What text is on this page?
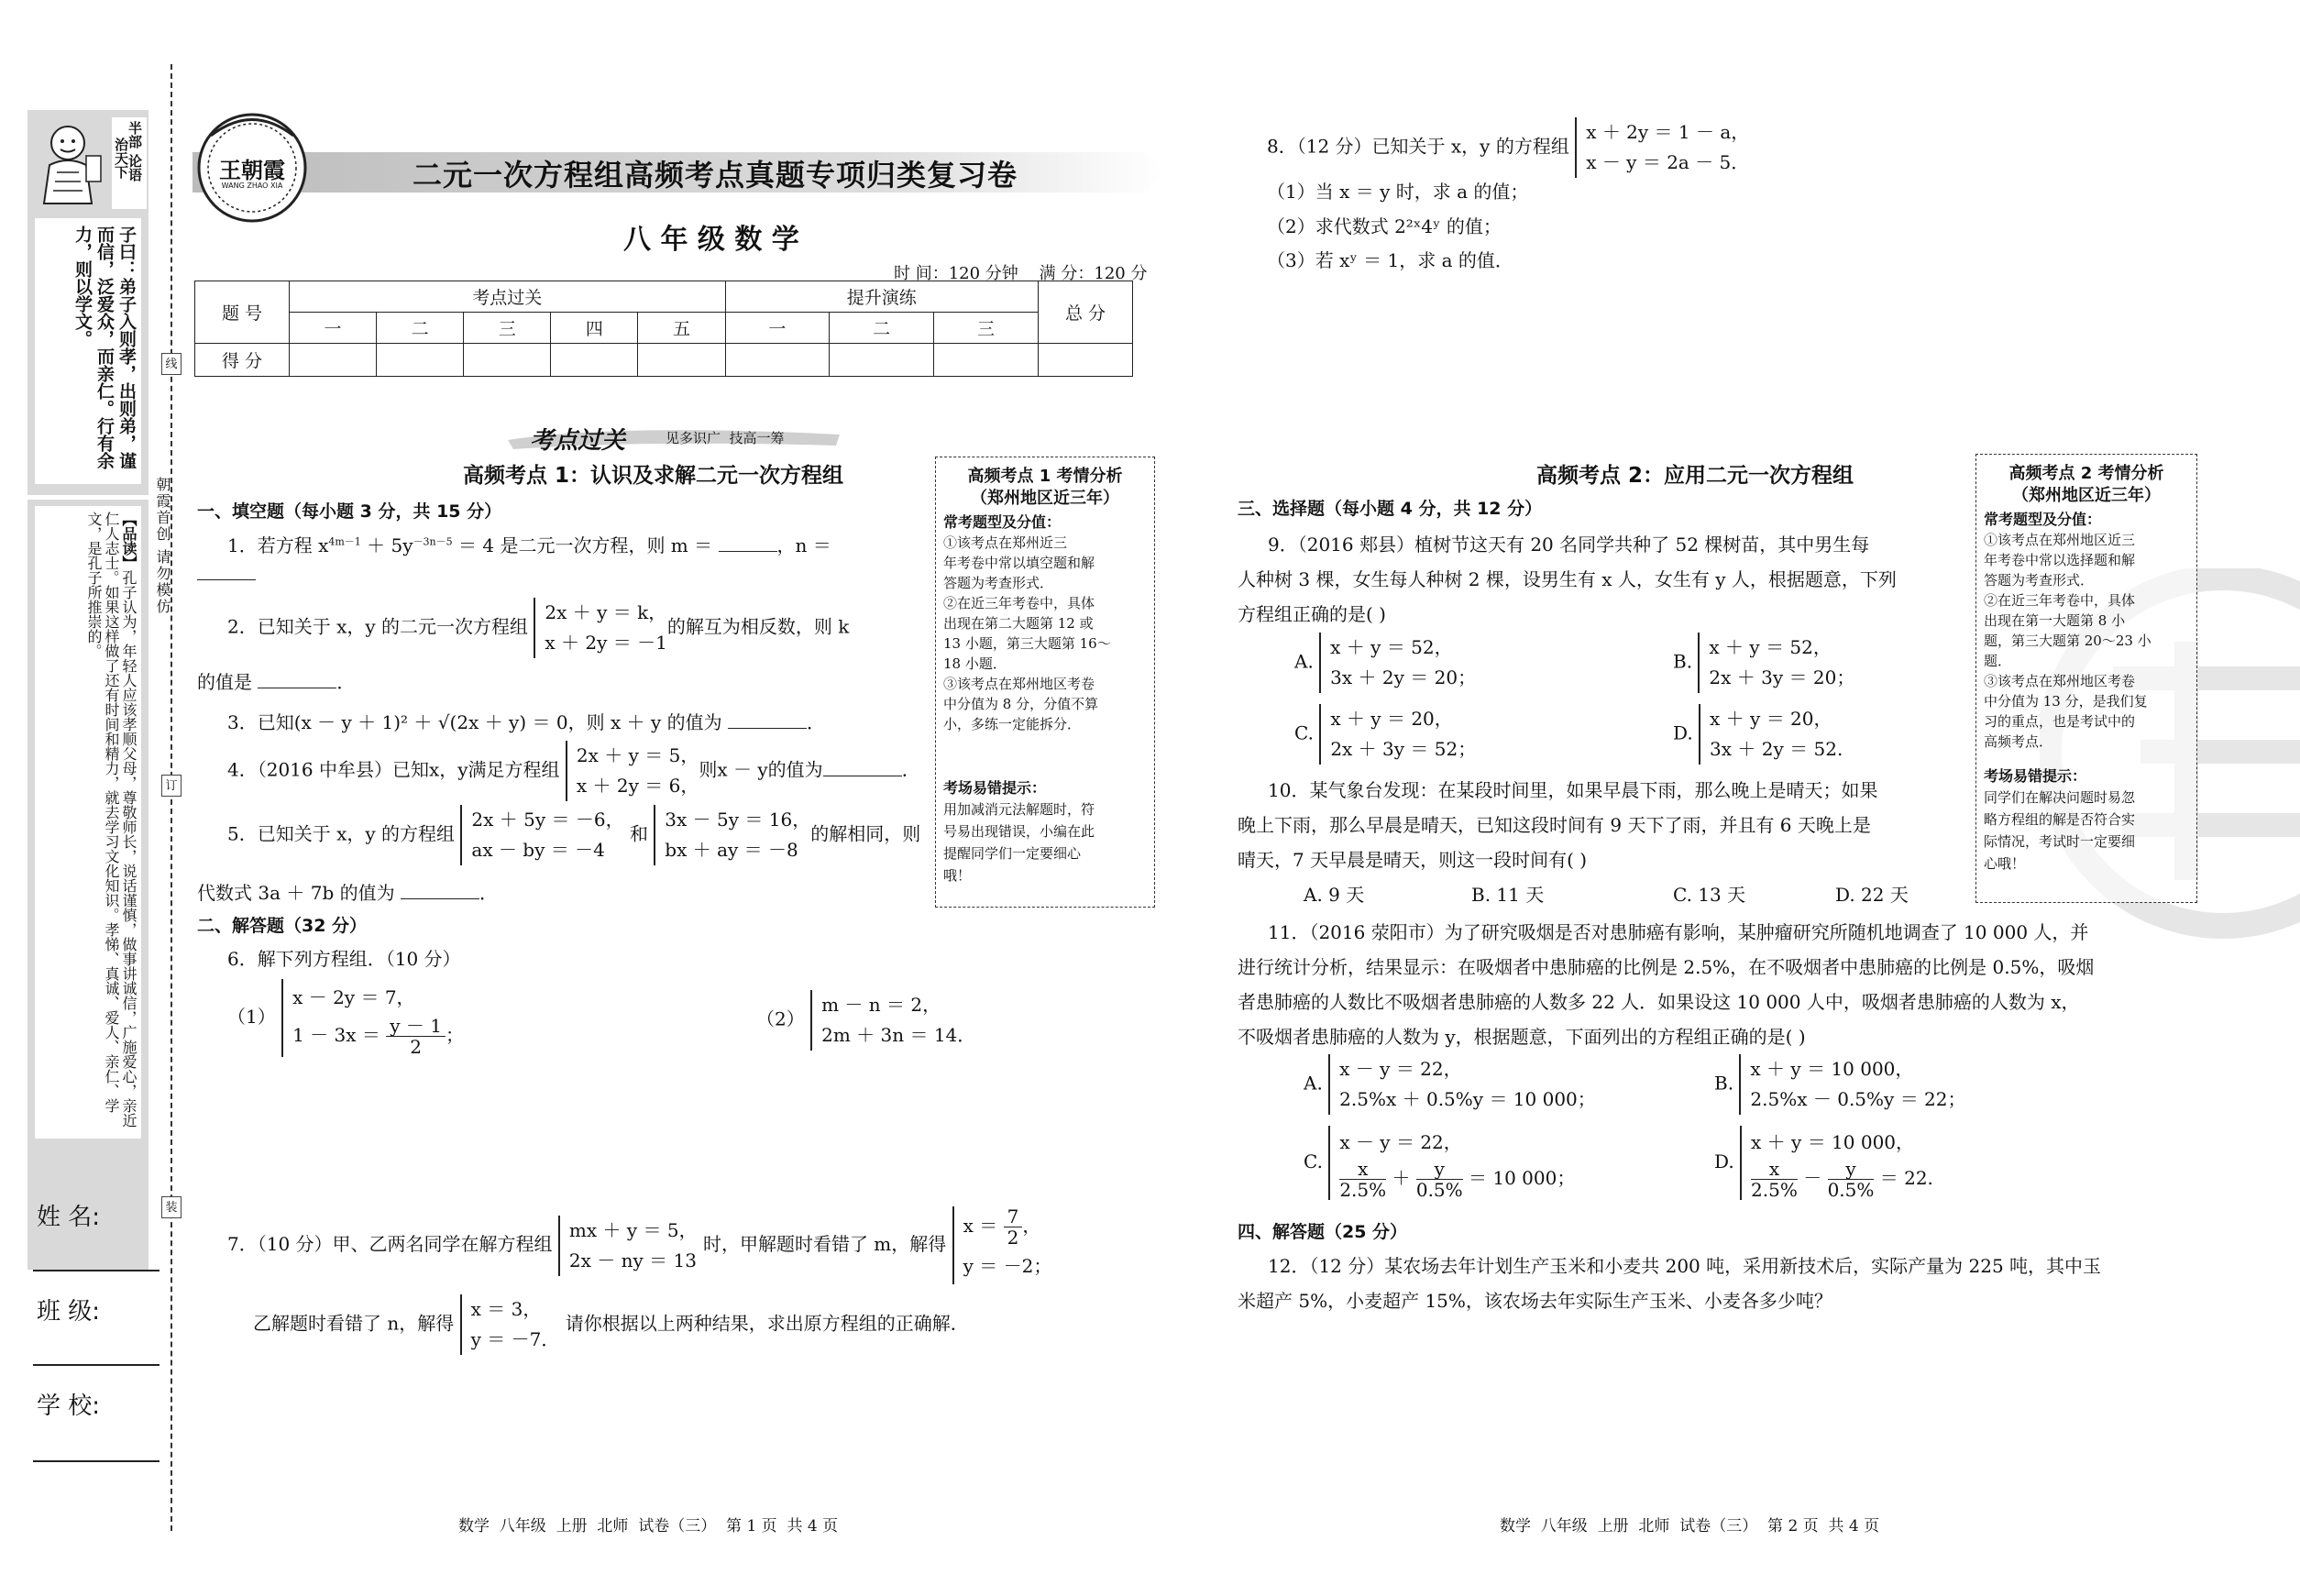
半部
论语
治天下
子曰：弟子入则孝，出则弟，谨而信，泛爱众，而亲仁。行有余力，则以学文。
【品读】孔子认为，年轻人应该孝顺父母，尊敬师长，说话谨慎，做事讲诚信，广施爱心，亲近仁人志士。如果这样做了还有时间和精力，就去学习文化知识。孝悌、真诚、爱人、亲仁、学文，是孔子所推崇的。	朝霞首创 请勿模仿
线
订
装
姓 名:
班 级:
学 校:
王朝霞
WANG ZHAO XIA	二元一次方程组高频考点真题专项归类复习卷
八 年 级 数 学
时 间：120 分钟    满 分：120 分
题 号	考点过关					提升演练			总 分
	一	二	三	四	五	一	二	三	
得 分									
考点过关	见多识广  技高一筹
高频考点 1：认识及求解二元一次方程组
一、填空题（每小题 3 分，共 15 分）
1．若方程 $x^{4m-1} + 5y^{-3n-5} = 4$ 是二元一次方程，则 m ＝	，n ＝
2．已知关于 x，y 的二元一次方程组 2x ＋ y ＝ k，
x ＋ 2y ＝ －1的解互为相反数，则 k
的值是	．
3．已知(x － y ＋ 1)² ＋ √(2x ＋ y) ＝ 0，则 x ＋ y 的值为	．
4．（2016 中牟县）已知x，y满足方程组 2x ＋ y ＝ 5，
x ＋ 2y ＝ 6，则x － y的值为	．
5．已知关于 x，y 的方程组 2x ＋ 5y ＝ －6，
ax － by ＝ －4 和 3x － 5y ＝ 16，
bx ＋ ay ＝ －8的解相同，则
代数式 3a ＋ 7b 的值为	．
二、解答题（32 分）
6．解下列方程组．（10 分）
（1） x － 2y ＝ 7，
$1 - 3x = \frac{y - 1}{2}$ ；
（2） m － n ＝ 2，
2m ＋ 3n ＝ 14．
7．（10 分）甲、乙两名同学在解方程组 mx ＋ y ＝ 5，
2x － ny ＝ 13 时，甲解题时看错了 m，解得 $x = \frac{7}{2}$ ，
y ＝ －2；
乙解题时看错了 n，解得 x ＝ 3，
y ＝ －7． 请你根据以上两种结果，求出原方程组的正确解．
数学  八年级  上册  北师  试卷（三）  第 1 页  共 4 页
高频考点 1 考情分析
（郑州地区近三年）
常考题型及分值：
①该考点在郑州近三
年考卷中常以填空题和解
答题为考查形式．
②在近三年考卷中，具体
出现在第二大题第 12 或
13 小题，第三大题第 16～
18 小题．
③该考点在郑州地区考卷
中分值为 8 分，分值不算
小，多练一定能拆分．
考场易错提示：
用加减消元法解题时，符
号易出现错误，小编在此
提醒同学们一定要细心
哦！
8．（12 分）已知关于 x，y 的方程组 x ＋ 2y ＝ 1 － a，
x － y ＝ 2a － 5．
（1）当 x ＝ y 时，求 a 的值；
（2）求代数式 2²ˣ4ʸ 的值；
（3）若 xʸ ＝ 1，求 a 的值．
高频考点 2：应用二元一次方程组
三、选择题（每小题 4 分，共 12 分）
9．（2016 郏县）植树节这天有 20 名同学共种了 52 棵树苗，其中男生每
人种树 3 棵，女生每人种树 2 棵，设男生有 x 人，女生有 y 人，根据题意，下列
方程组正确的是( )
A. x ＋ y ＝ 52，
3x ＋ 2y ＝ 20；
B. x ＋ y ＝ 52，
2x ＋ 3y ＝ 20；
C. x ＋ y ＝ 20，
2x ＋ 3y ＝ 52；
D. x ＋ y ＝ 20，
3x ＋ 2y ＝ 52.
10．某气象台发现：在某段时间里，如果早晨下雨，那么晚上是晴天；如果
晚上下雨，那么早晨是晴天，已知这段时间有 9 天下了雨，并且有 6 天晚上是
晴天，7 天早晨是晴天，则这一段时间有( )
A. 9 天	B. 11 天	C. 13 天	D. 22 天
11．（2016 荥阳市）为了研究吸烟是否对患肺癌有影响，某肿瘤研究所随机地调查了 10 000 人，并
进行统计分析，结果显示：在吸烟者中患肺癌的比例是 2.5%，在不吸烟者中患肺癌的比例是 0.5%，吸烟
者患肺癌的人数比不吸烟者患肺癌的人数多 22 人．如果设这 10 000 人中，吸烟者患肺癌的人数为 x，
不吸烟者患肺癌的人数为 y，根据题意，下面列出的方程组正确的是( )
A. x － y ＝ 22，
2.5%x ＋ 0.5%y ＝ 10 000；
B. x ＋ y ＝ 10 000，
2.5%x － 0.5%y ＝ 22；
C. x － y ＝ 22，

$\frac{x}{2.5\%} + \frac{y}{0.5\%} = 10$ 000；
D. x ＋ y ＝ 10 000，

$\frac{x}{2.5\%} - \frac{y}{0.5\%} = 22$.
四、解答题（25 分）
12．（12 分）某农场去年计划生产玉米和小麦共 200 吨，采用新技术后，实际产量为 225 吨，其中玉
米超产 5%，小麦超产 15%，该农场去年实际生产玉米、小麦各多少吨？
数学  八年级  上册  北师  试卷（三）  第 2 页  共 4 页
高频考点 2 考情分析
（郑州地区近三年）
常考题型及分值：
①该考点在郑州地区近三
年考卷中常以选择题和解
答题为考查形式．
②在近三年考卷中，具体
出现在第一大题第 8 小
题，第三大题第 20～23 小
题．
③该考点在郑州地区考卷
中分值为 13 分，是我们复
习的重点，也是考试中的
高频考点．
考场易错提示：
同学们在解决问题时易忽
略方程组的解是否符合实
际情况，考试时一定要细
心哦！
